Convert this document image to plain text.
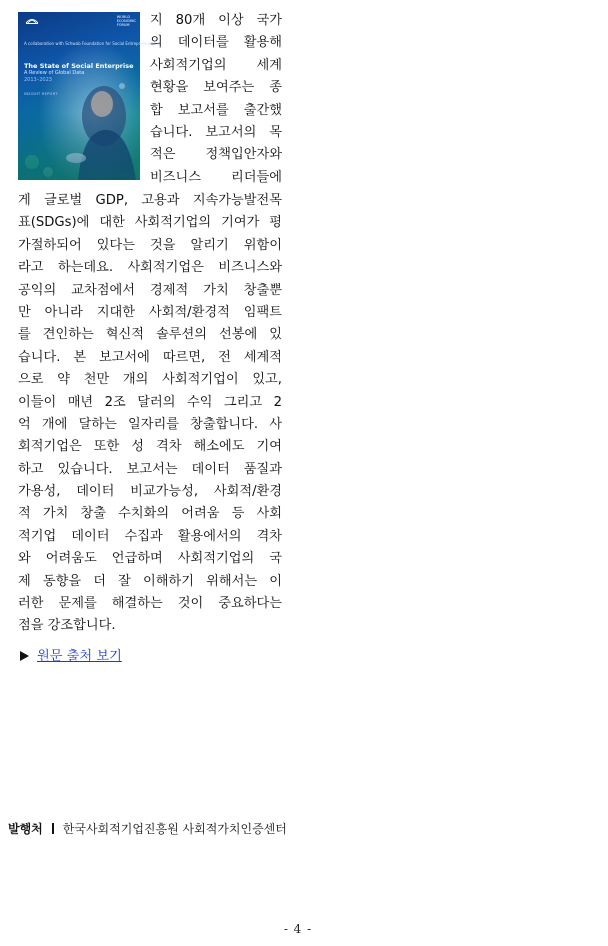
A collaboration with Schwab Foundation for Social Entrepreneurship
WORLD
ECONOMIC
FORUM
The State of Social Enterprise
A Review of Global Data
2013–2023
INSIGHT REPORT
지 80개 이상 국가
의 데이터를 활용해
사회적기업의 세계
현황을 보여주는 종
합 보고서를 출간했
습니다. 보고서의 목
적은 정책입안자와
비즈니스 리더들에
게 글로벌 GDP, 고용과 지속가능발전목
표(SDGs)에 대한 사회적기업의 기여가 평
가절하되어 있다는 것을 알리기 위함이
라고 하는데요. 사회적기업은 비즈니스와
공익의 교차점에서 경제적 가치 창출뿐
만 아니라 지대한 사회적/환경적 임팩트
를 견인하는 혁신적 솔루션의 선봉에 있
습니다. 본 보고서에 따르면, 전 세계적
으로 약 천만 개의 사회적기업이 있고,
이들이 매년 2조 달러의 수익 그리고 2
억 개에 달하는 일자리를 창출합니다. 사
회적기업은 또한 성 격차 해소에도 기여
하고 있습니다. 보고서는 데이터 품질과
가용성, 데이터 비교가능성, 사회적/환경
적 가치 창출 수치화의 어려움 등 사회
적기업 데이터 수집과 활용에서의 격차
와 어려움도 언급하며 사회적기업의 국
제 동향을 더 잘 이해하기 위해서는 이
러한 문제를 해결하는 것이 중요하다는
점을 강조합니다.
원문 출처 보기
발행처 한국사회적기업진흥원 사회적가치인증센터
- 4 -
